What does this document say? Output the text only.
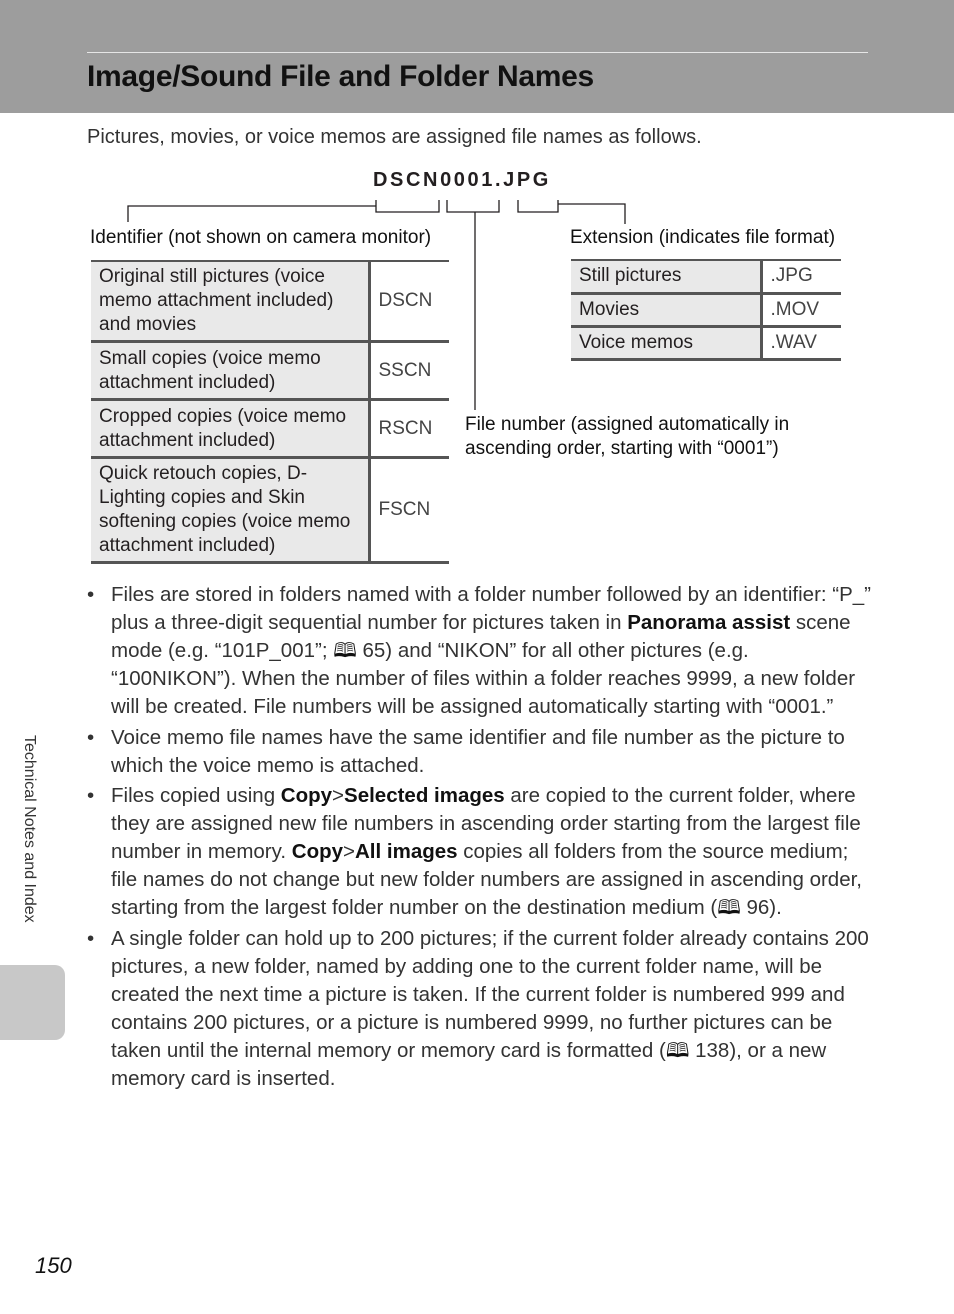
Image/Sound File and Folder Names

Pictures, movies, or voice memos are assigned file names as follows.

DSCN0001.JPG
Identifier (not shown on camera monitor)	Extension (indicates file format)
File number (assigned automatically in
ascending order, starting with “0001”)
Original still pictures (voice memo attachment included) and movies	DSCN
Small copies (voice memo attachment included)	SSCN
Cropped copies (voice memo attachment included)	RSCN
Quick retouch copies, D-Lighting copies and Skin softening copies (voice memo attachment included)	FSCN
Still pictures	.JPG
Movies	.MOV
Voice memos	.WAV
• Files are stored in folders named with a folder number followed by an identifier: “P_” plus a three-digit sequential number for pictures taken in Panorama assist scene mode (e.g. “101P_001”; 🕮 65) and “NIKON” for all other pictures (e.g. “100NIKON”). When the number of files within a folder reaches 9999, a new folder will be created. File numbers will be assigned automatically starting with “0001.”
• Voice memo file names have the same identifier and file number as the picture to which the voice memo is attached.
• Files copied using Copy>Selected images are copied to the current folder, where they are assigned new file numbers in ascending order starting from the largest file number in memory. Copy>All images copies all folders from the source medium; file names do not change but new folder numbers are assigned in ascending order, starting from the largest folder number on the destination medium (🕮 96).
• A single folder can hold up to 200 pictures; if the current folder already contains 200 pictures, a new folder, named by adding one to the current folder name, will be created the next time a picture is taken. If the current folder is numbered 999 and contains 200 pictures, or a picture is numbered 9999, no further pictures can be taken until the internal memory or memory card is formatted (🕮 138), or a new memory card is inserted.
Technical Notes and Index
150
